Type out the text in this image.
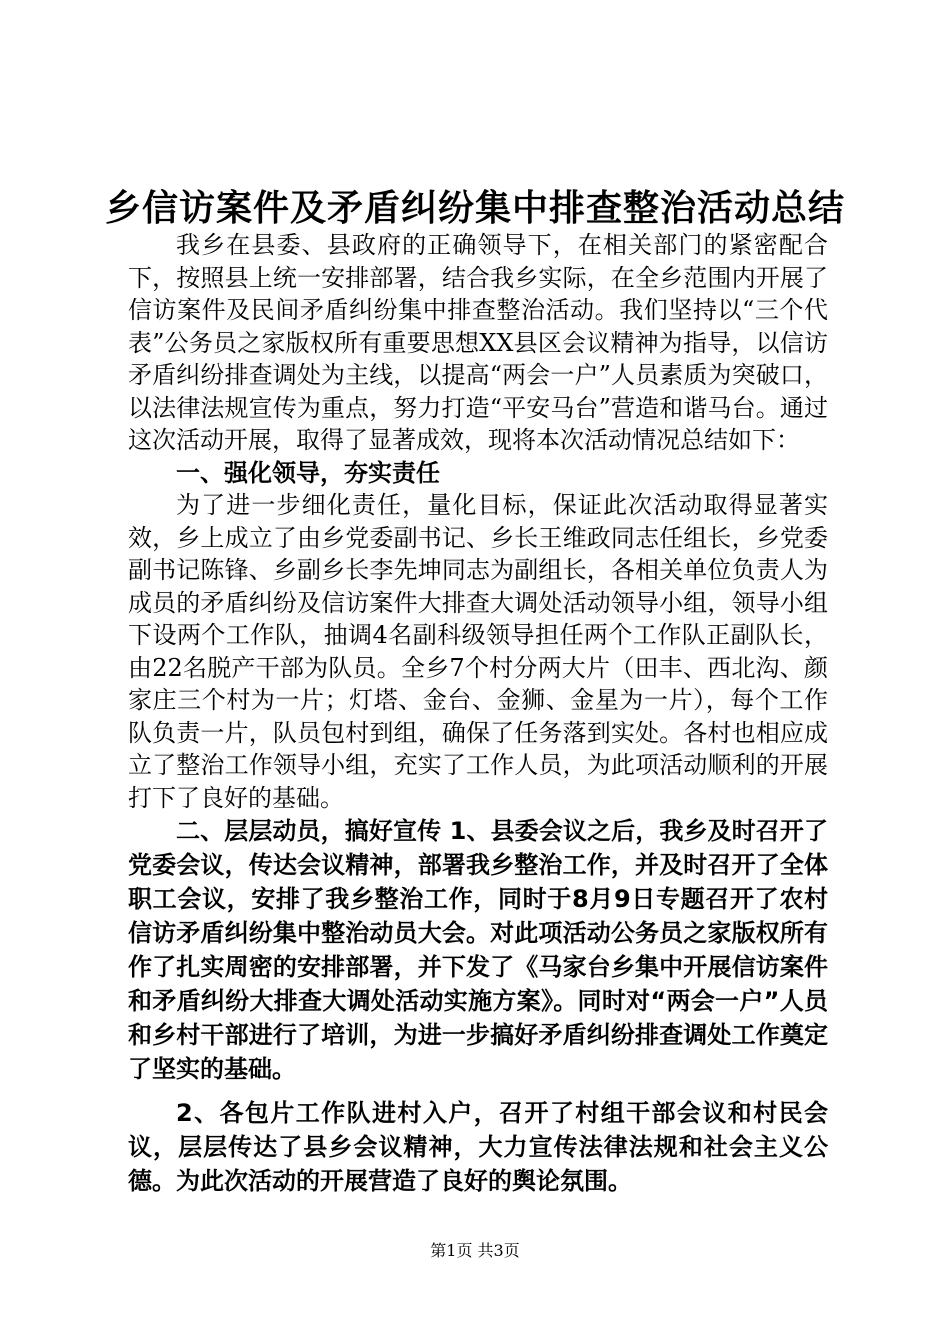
乡信访案件及矛盾纠纷集中排查整治活动总结

我乡在县委、县政府的正确领导下，在相关部门的紧密配合下，按照县上统一安排部署，结合我乡实际，在全乡范围内开展了信访案件及民间矛盾纠纷集中排查整治活动。我们坚持以“三个代表”公务员之家版权所有重要思想XX县区会议精神为指导，以信访矛盾纠纷排查调处为主线，以提高“两会一户”人员素质为突破口，以法律法规宣传为重点，努力打造“平安马台”营造和谐马台。通过这次活动开展，取得了显著成效，现将本次活动情况总结如下：

一、强化领导，夯实责任

为了进一步细化责任，量化目标，保证此次活动取得显著实效，乡上成立了由乡党委副书记、乡长王维政同志任组长，乡党委副书记陈锋、乡副乡长李先坤同志为副组长，各相关单位负责人为成员的矛盾纠纷及信访案件大排查大调处活动领导小组，领导小组下设两个工作队，抽调4名副科级领导担任两个工作队正副队长，由22名脱产干部为队员。全乡7个村分两大片（田丰、西北沟、颜家庄三个村为一片；灯塔、金台、金狮、金星为一片），每个工作队负责一片，队员包村到组，确保了任务落到实处。各村也相应成立了整治工作领导小组，充实了工作人员，为此项活动顺利的开展打下了良好的基础。

二、层层动员，搞好宣传 1、县委会议之后，我乡及时召开了党委会议，传达会议精神，部署我乡整治工作，并及时召开了全体职工会议，安排了我乡整治工作，同时于8月9日专题召开了农村信访矛盾纠纷集中整治动员大会。对此项活动公务员之家版权所有作了扎实周密的安排部署，并下发了《马家台乡集中开展信访案件和矛盾纠纷大排查大调处活动实施方案》。同时对“两会一户”人员和乡村干部进行了培训，为进一步搞好矛盾纠纷排查调处工作奠定了坚实的基础。

2、各包片工作队进村入户，召开了村组干部会议和村民会议，层层传达了县乡会议精神，大力宣传法律法规和社会主义公德。为此次活动的开展营造了良好的舆论氛围。

第1页 共3页
